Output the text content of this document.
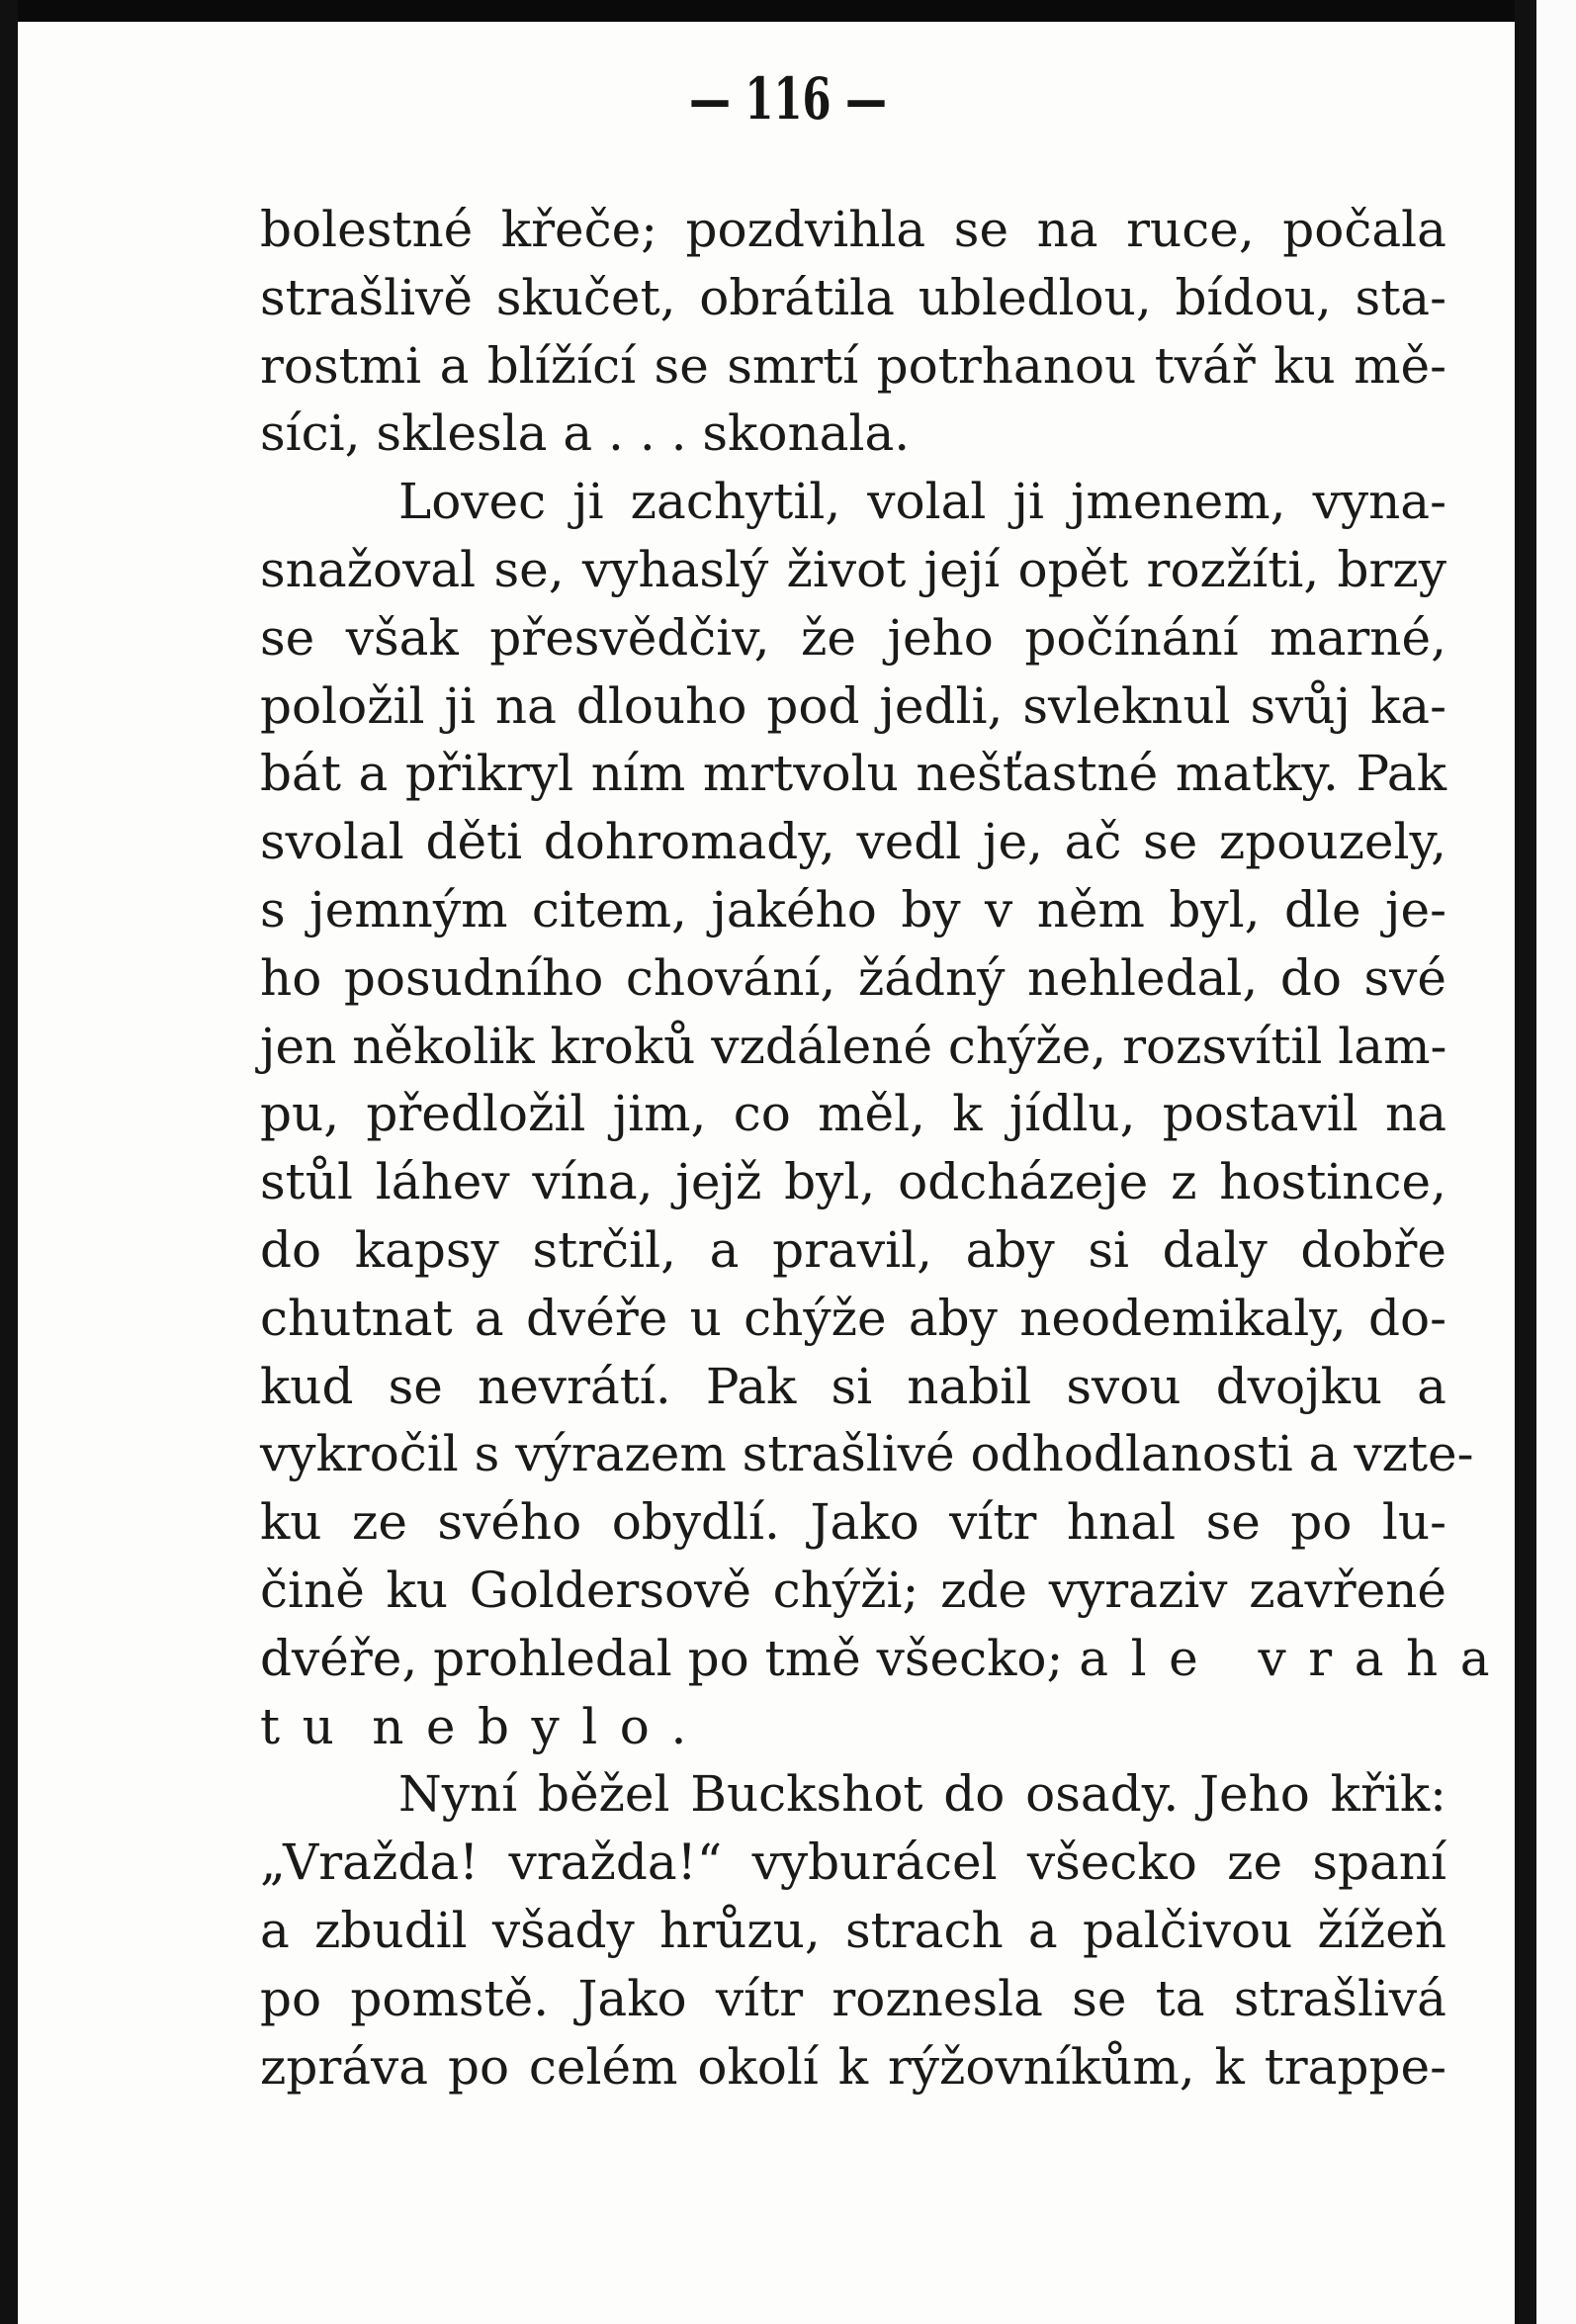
— 116 —
bolestné křeče; pozdvihla se na ruce, počala
strašlivě skučet, obrátila ubledlou, bídou, sta-
rostmi a blížící se smrtí potrhanou tvář ku mě-
síci, sklesla a . . . skonala.
Lovec ji zachytil, volal ji jmenem, vyna-
snažoval se, vyhaslý život její opět rozžíti, brzy
se však přesvědčiv, že jeho počínání marné,
položil ji na dlouho pod jedli, svleknul svůj ka-
bát a přikryl ním mrtvolu nešťastné matky. Pak
svolal děti dohromady, vedl je, ač se zpouzely,
s jemným citem, jakého by v něm byl, dle je-
ho posudního chování, žádný nehledal, do své
jen několik kroků vzdálené chýže, rozsvítil lam-
pu, předložil jim, co měl, k jídlu, postavil na
stůl láhev vína, jejž byl, odcházeje z hostince,
do kapsy strčil, a pravil, aby si daly dobře
chutnat a dvéře u chýže aby neodemikaly, do-
kud se nevrátí. Pak si nabil svou dvojku a
vykročil s výrazem strašlivé odhodlanosti a vzte-
ku ze svého obydlí. Jako vítr hnal se po lu-
čině ku Goldersově chýži; zde vyraziv zavřené
dvéře, prohledal po tmě všecko; ale vraha
tu nebylo.
Nyní běžel Buckshot do osady. Jeho křik:
„Vražda! vražda!“ vyburácel všecko ze spaní
a zbudil všady hrůzu, strach a palčivou žížeň
po pomstě. Jako vítr roznesla se ta strašlivá
zpráva po celém okolí k rýžovníkům, k trappe-
